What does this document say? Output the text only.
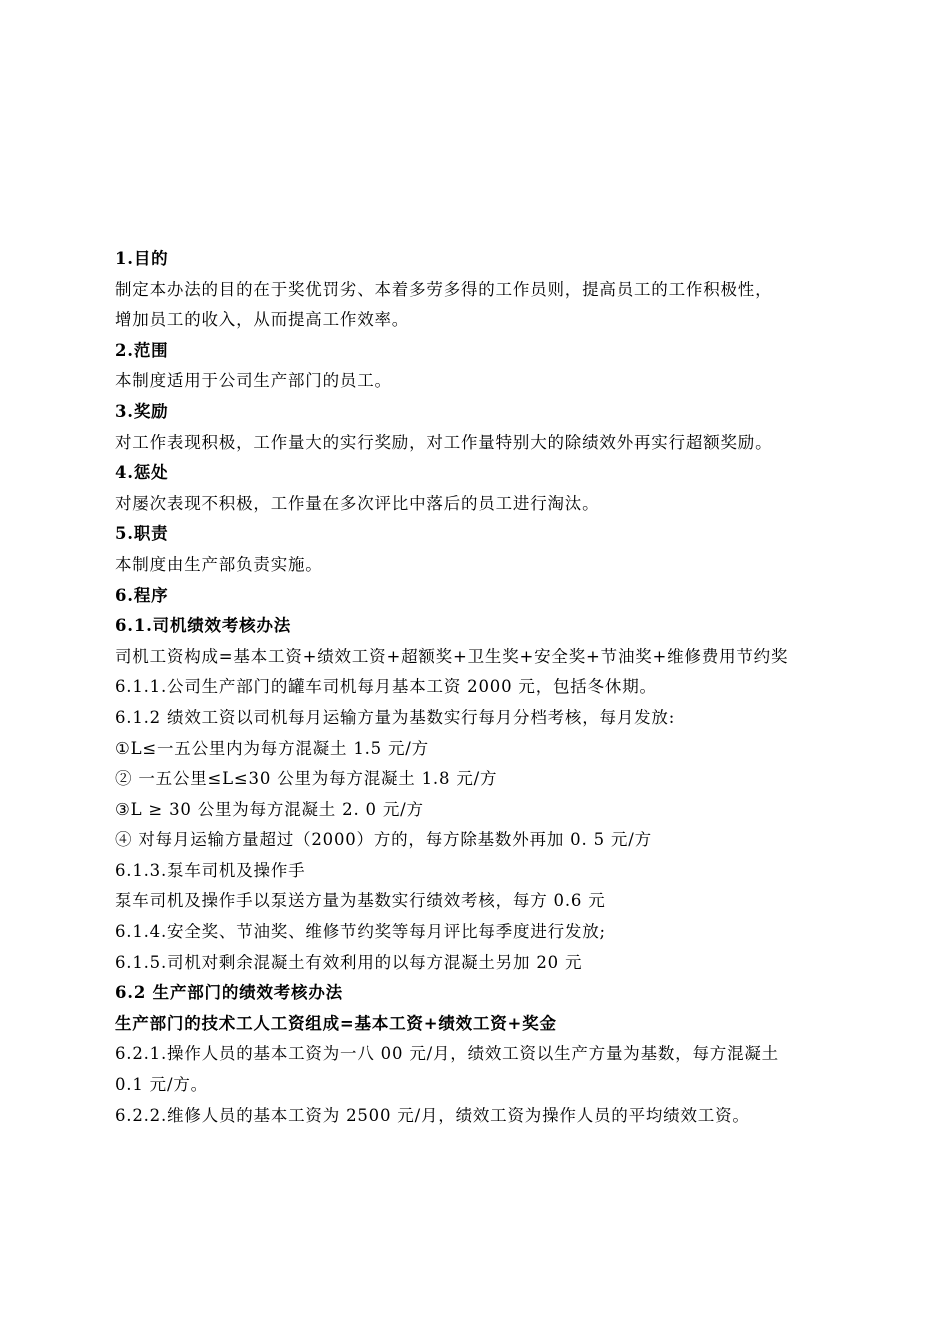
1.目的
制定本办法的目的在于奖优罚劣、本着多劳多得的工作员则，提高员工的工作积极性，
增加员工的收入，从而提高工作效率。
2.范围
本制度适用于公司生产部门的员工。
3.奖励
对工作表现积极，工作量大的实行奖励，对工作量特别大的除绩效外再实行超额奖励。
4.惩处
对屡次表现不积极，工作量在多次评比中落后的员工进行淘汰。
5.职责
本制度由生产部负责实施。
6.程序
6.1.司机绩效考核办法
司机工资构成=基本工资+绩效工资+超额奖+卫生奖+安全奖+节油奖+维修费用节约奖
6.1.1.公司生产部门的罐车司机每月基本工资 2000 元，包括冬休期。
6.1.2 绩效工资以司机每月运输方量为基数实行每月分档考核，每月发放:
①L≤一五公里内为每方混凝土 1.5 元/方
② 一五公里≤L≤30 公里为每方混凝土 1.8 元/方
③L ≥ 30 公里为每方混凝土 2. 0 元/方
④ 对每月运输方量超过（2000）方的，每方除基数外再加 0. 5 元/方
6.1.3.泵车司机及操作手
泵车司机及操作手以泵送方量为基数实行绩效考核，每方 0.6 元
6.1.4.安全奖、节油奖、维修节约奖等每月评比每季度进行发放;
6.1.5.司机对剩余混凝土有效利用的以每方混凝土另加 20 元
6.2 生产部门的绩效考核办法
生产部门的技术工人工资组成=基本工资+绩效工资+奖金
6.2.1.操作人员的基本工资为一八 00 元/月，绩效工资以生产方量为基数，每方混凝土
0.1 元/方。
6.2.2.维修人员的基本工资为 2500 元/月，绩效工资为操作人员的平均绩效工资。
